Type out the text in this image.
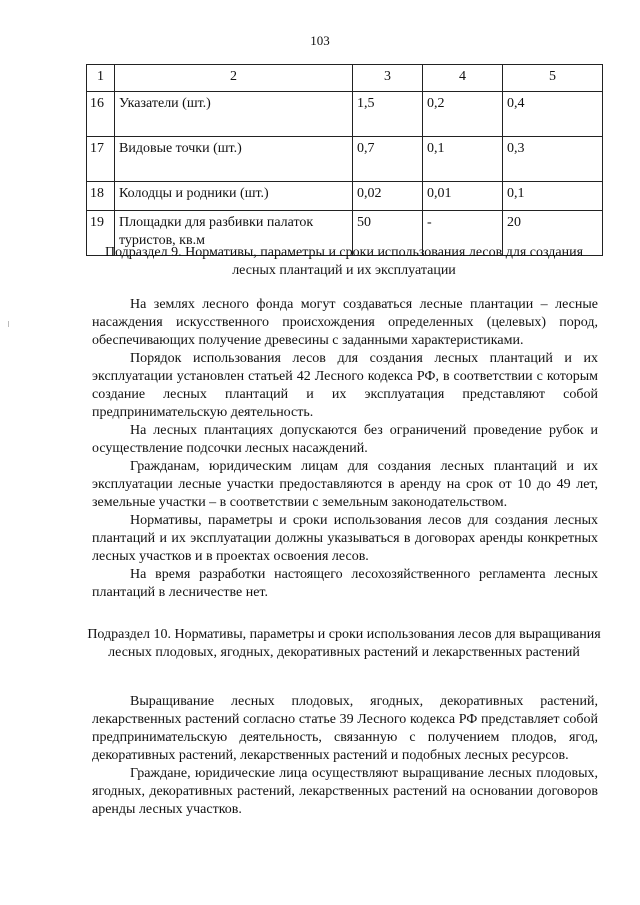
103
1	2	3	4	5
16	Указатели (шт.)	1,5	0,2	0,4
17	Видовые точки (шт.)	0,7	0,1	0,3
18	Колодцы и родники (шт.)	0,02	0,01	0,1
19	Площадки для разбивки палаток туристов, кв.м	50	-	20
Подраздел 9. Нормативы, параметры и сроки использования лесов для создания лесных плантаций и их эксплуатации

На землях лесного фонда могут создаваться лесные плантации – лесные насаждения искусственного происхождения определенных (целевых) пород, обеспечивающих получение древесины с заданными характеристиками.

Порядок использования лесов для создания лесных плантаций и их эксплуатации установлен статьей 42 Лесного кодекса РФ, в соответствии с которым создание лесных плантаций и их эксплуатация представляют собой предпринимательскую деятельность.

На лесных плантациях допускаются без ограничений проведение рубок и осуществление подсочки лесных насаждений.

Гражданам, юридическим лицам для создания лесных плантаций и их эксплуатации лесные участки предоставляются в аренду на срок от 10 до 49 лет, земельные участки – в соответствии с земельным законодательством.

Нормативы, параметры и сроки использования лесов для создания лесных плантаций и их эксплуатации должны указываться в договорах аренды конкретных лесных участков и в проектах освоения лесов.

На время разработки настоящего лесохозяйственного регламента лесных плантаций в лесничестве нет.

Подраздел 10. Нормативы, параметры и сроки использования лесов для выращивания лесных плодовых, ягодных, декоративных растений и лекарственных растений

Выращивание лесных плодовых, ягодных, декоративных растений, лекарственных растений согласно статье 39 Лесного кодекса РФ представляет собой предпринимательскую деятельность, связанную с получением плодов, ягод, декоративных растений, лекарственных растений и подобных лесных ресурсов.

Граждане, юридические лица осуществляют выращивание лесных плодовых, ягодных, декоративных растений, лекарственных растений на основании договоров аренды лесных участков.
